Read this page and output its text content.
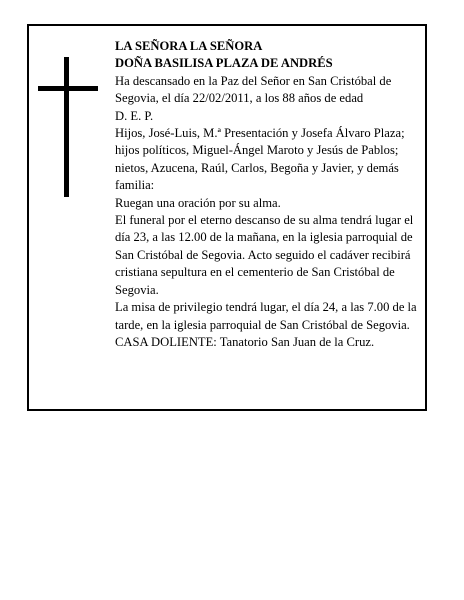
LA SEÑORA LA SEÑORA

DOÑA BASILISA PLAZA DE ANDRÉS

Ha descansado en la Paz del Señor en San Cristóbal de Segovia, el día 22/02/2011, a los 88 años de edad

D. E. P.

Hijos, José-Luis, M.ª Presentación y Josefa Álvaro Plaza; hijos políticos, Miguel-Ángel Maroto y Jesús de Pablos; nietos, Azucena, Raúl, Carlos, Begoña y Javier, y demás familia:

Ruegan una oración por su alma.

El funeral por el eterno descanso de su alma tendrá lugar el día 23, a las 12.00 de la mañana, en la iglesia parroquial de San Cristóbal de Segovia. Acto seguido el cadáver recibirá cristiana sepultura en el cementerio de San Cristóbal de Segovia.

La misa de privilegio tendrá lugar, el día 24, a las 7.00 de la tarde, en la iglesia parroquial de San Cristóbal de Segovia.

CASA DOLIENTE: Tanatorio San Juan de la Cruz.
